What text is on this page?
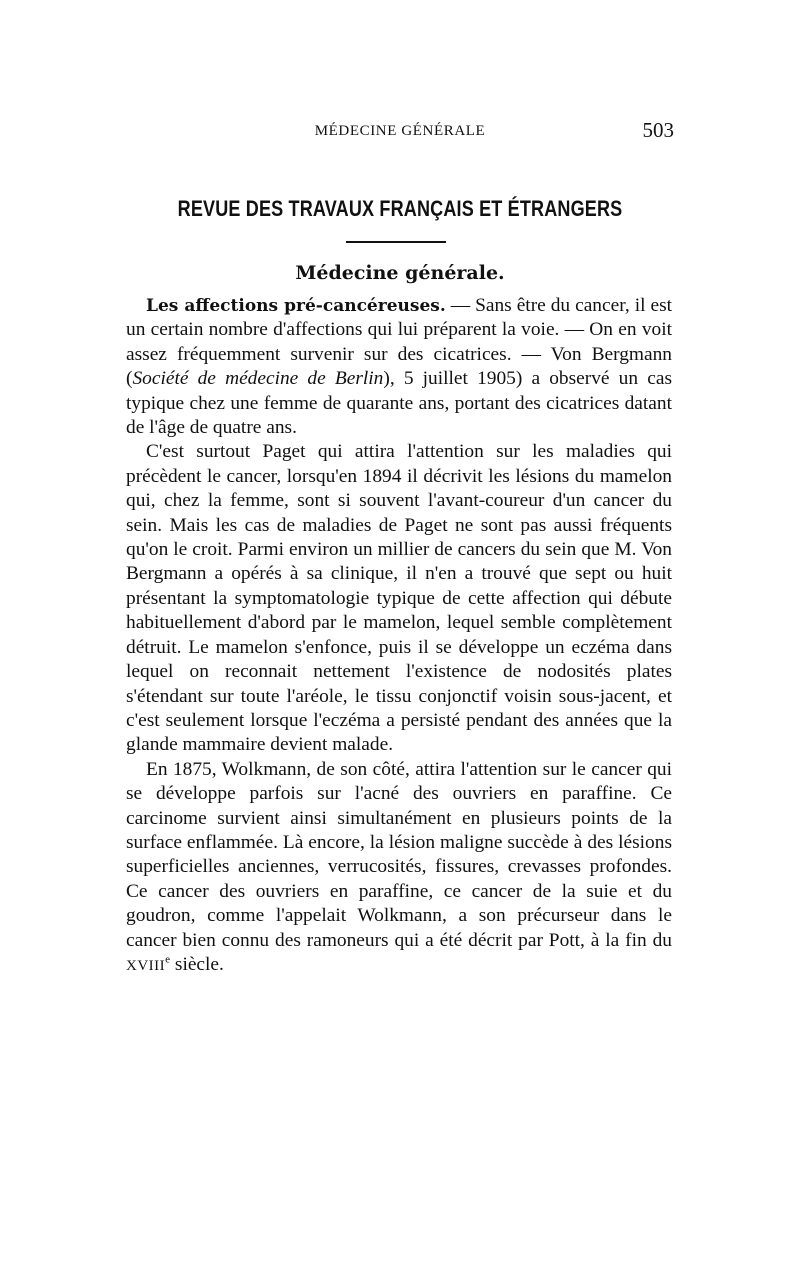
MÉDECINE GÉNÉRALE	503
REVUE DES TRAVAUX FRANÇAIS ET ÉTRANGERS
Médecine générale.

Les affections pré-cancéreuses. — Sans être du cancer, il est un certain nombre d'affections qui lui préparent la voie. — On en voit assez fréquemment survenir sur des cicatrices. — Von Bergmann (Société de médecine de Berlin), 5 juillet 1905) a observé un cas typique chez une femme de quarante ans, portant des cicatrices datant de l'âge de quatre ans.

C'est surtout Paget qui attira l'attention sur les maladies qui précèdent le cancer, lorsqu'en 1894 il décrivit les lésions du mamelon qui, chez la femme, sont si souvent l'avant-coureur d'un cancer du sein. Mais les cas de maladies de Paget ne sont pas aussi fréquents qu'on le croit. Parmi environ un millier de cancers du sein que M. Von Bergmann a opérés à sa clinique, il n'en a trouvé que sept ou huit présentant la symptomatologie typique de cette affection qui débute habituellement d'abord par le mamelon, lequel semble complètement détruit. Le mamelon s'enfonce, puis il se développe un eczéma dans lequel on reconnait nettement l'existence de nodosités plates s'étendant sur toute l'aréole, le tissu conjonctif voisin sous-jacent, et c'est seulement lorsque l'eczéma a persisté pendant des années que la glande mammaire devient malade.

En 1875, Wolkmann, de son côté, attira l'attention sur le cancer qui se développe parfois sur l'acné des ouvriers en paraffine. Ce carcinome survient ainsi simultanément en plusieurs points de la surface enflammée. Là encore, la lésion maligne succède à des lésions superficielles anciennes, verrucosités, fissures, crevasses profondes. Ce cancer des ouvriers en paraffine, ce cancer de la suie et du goudron, comme l'appelait Wolkmann, a son précurseur dans le cancer bien connu des ramoneurs qui a été décrit par Pott, à la fin du XVIIIe siècle.
